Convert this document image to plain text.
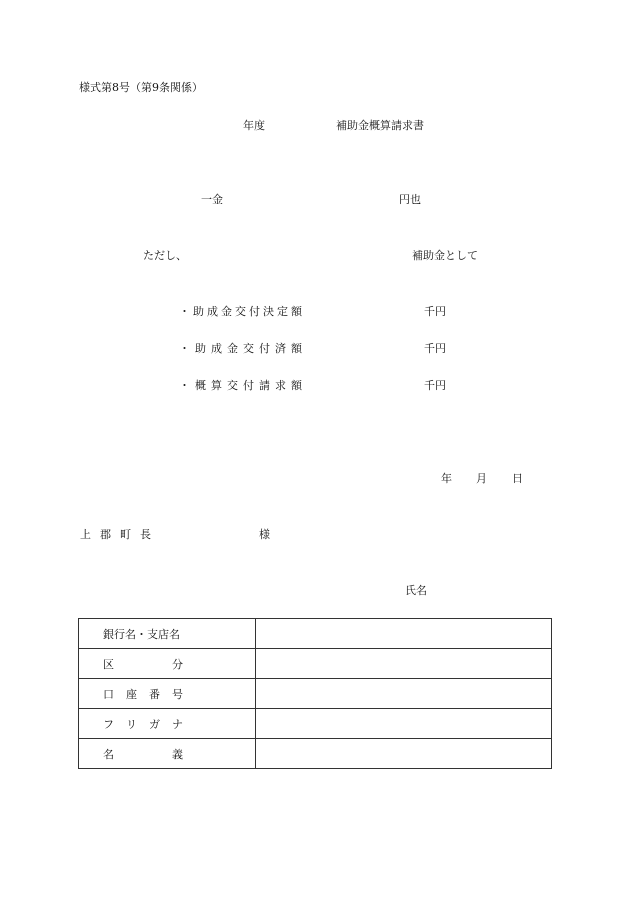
様式第8号（第9条関係）
年度	補助金概算請求書
一金	円也
ただし、	補助金として
・助成金交付決定額	千円
・助成金交付済額	千円
・概算交付請求額	千円
年 月 日
上郡町長	様
氏名
銀行名・支店名	

区 分	

口 座 番 号	

フ リ ガ ナ	

名 義	
